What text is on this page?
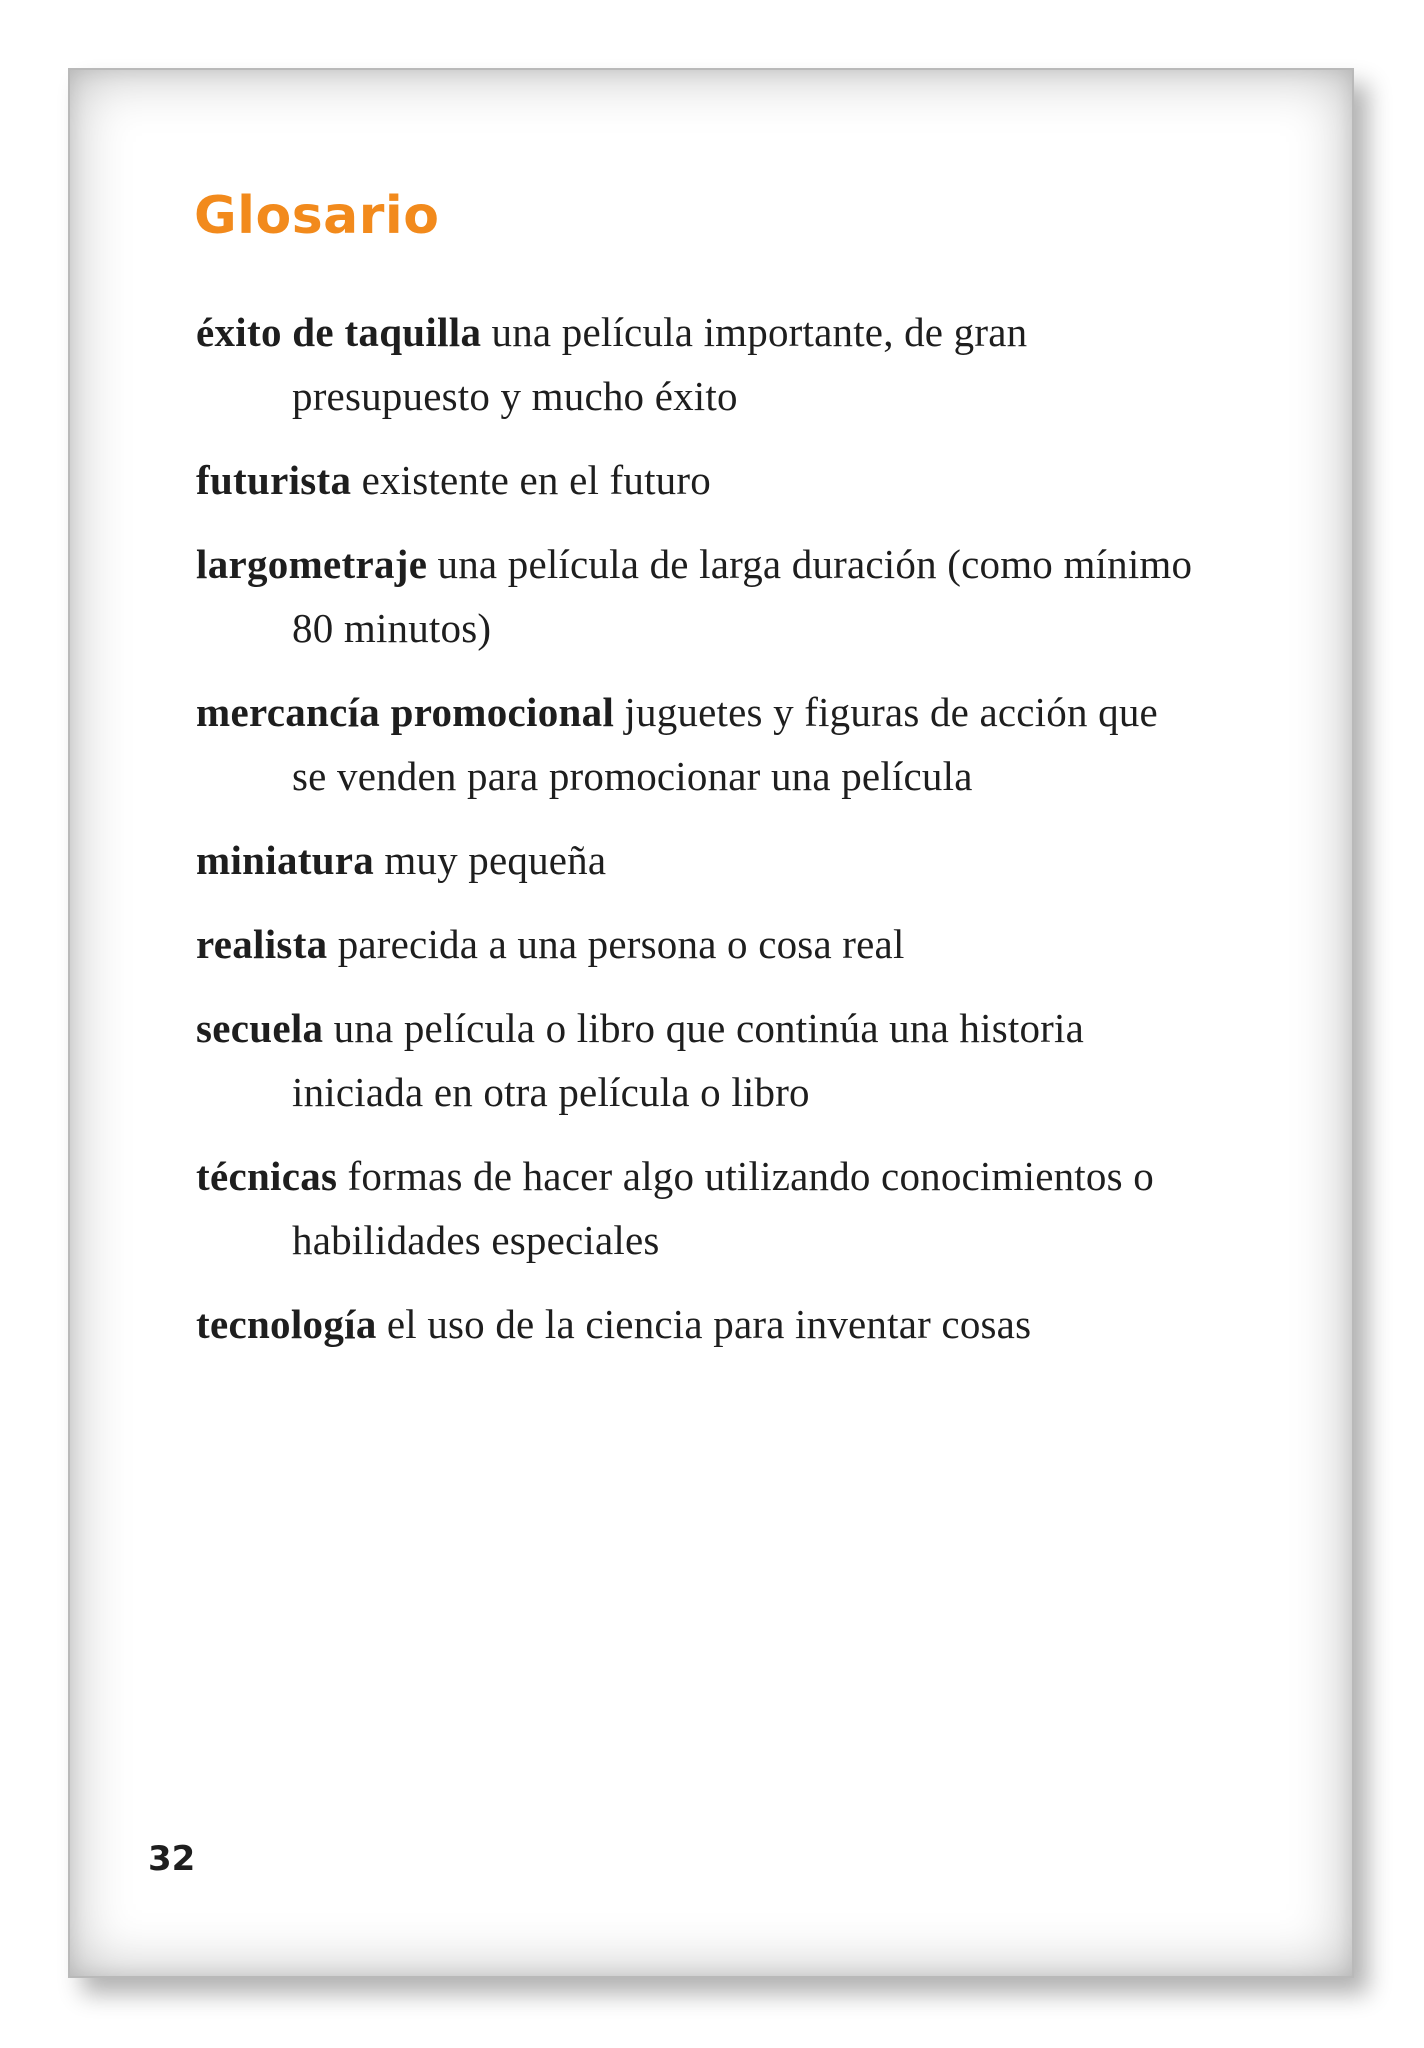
Glosario
éxito de taquilla una película importante, de gran presupuesto y mucho éxito
futurista existente en el futuro
largometraje una película de larga duración (como mínimo 80 minutos)
mercancía promocional juguetes y figuras de acción que se venden para promocionar una película
miniatura muy pequeña
realista parecida a una persona o cosa real
secuela una película o libro que continúa una historia iniciada en otra película o libro
técnicas formas de hacer algo utilizando conocimientos o habilidades especiales
tecnología el uso de la ciencia para inventar cosas
32
